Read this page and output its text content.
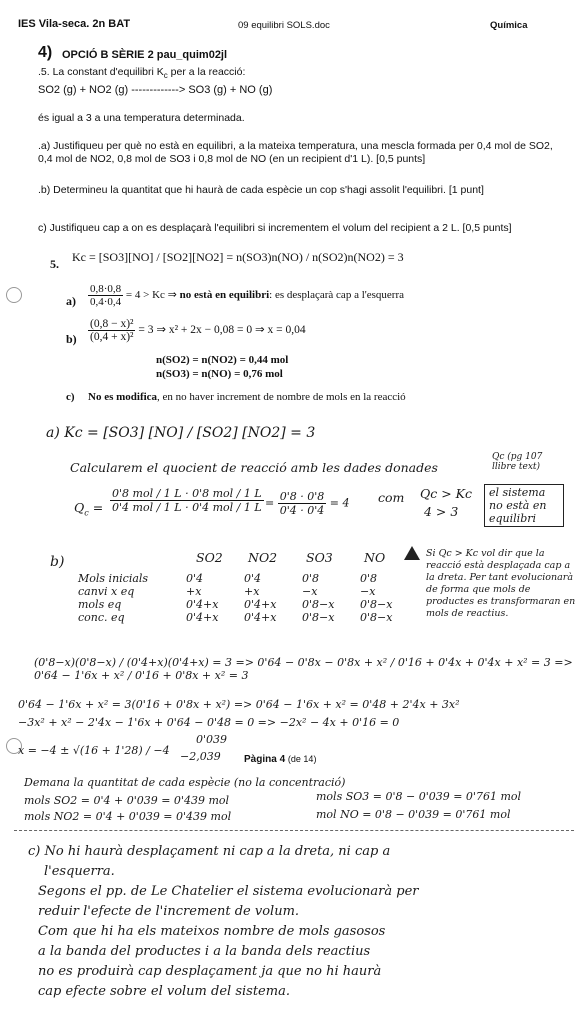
IES Vila-seca. 2n BAT	09 equilibri SOLS.doc	Química
4) OPCIÓ B SÈRIE 2 pau_quim02jl
.5. La constant d'equilibri $K_c$ per a la reacció:
SO2 (g) + NO2 (g) -------------> SO3 (g) + NO (g)
és igual a 3 a una temperatura determinada.
.a) Justifiqueu per què no està en equilibri, a la mateixa temperatura, una mescla formada per 0,4 mol de SO2, 0,4 mol de NO2, 0,8 mol de SO3 i 0,8 mol de NO (en un recipient d'1 L). [0,5 punts]
.b) Determineu la quantitat que hi haurà de cada espècie un cop s'hagi assolit l'equilibri. [1 punt]
c) Justifiqueu cap a on es desplaçarà l'equilibri si incrementem el volum del recipient a 2 L. [0,5 punts]
5. Kc = [SO3][NO] / [SO2][NO2] = n(SO3)n(NO) / n(SO2)n(NO2) = 3
$a) \frac{0,8\cdot 0,8}{0,4\cdot 0,4} = 4 > Kc$ ⇒ no està en equilibri: es desplaçarà cap a l'esquerra
$b) \frac{\text{(0,8 − x)²}}{\text{(0,4 + x)²}} = 3$ ⇒ x² + 2x − 0,08 = 0 ⇒ x = 0,04
n(SO2) = n(NO2) = 0,44 mol
n(SO3) = n(NO) = 0,76 mol
c) No es modifica, en no haver increment de nombre de mols en la reacció
a) Kc = [SO3] [NO] / [SO2] [NO2] = 3
Calcularem el quocient de reacció amb les dades donades
Qc (pg 107 llibre text)
$Q_c = \frac{\text{0'8 mol / 1 L · 0'8 mol / 1 L}}{\text{0'4 mol / 1 L · 0'4 mol / 1 L}} = \frac{0'8 \cdot 0'8}{0'4 \cdot 0'4} = 4$ com Qc > Kc
4 > 3
el sistema no està en equilibri
b)	SO2 NO2 SO3 NO
Mols inicials	0'4	0'4	0'8	0'8
canvi x eq	+x	+x	−x	−x
mols eq	0'4+x	0'4+x	0'8−x	0'8−x
conc. eq	0'4+x	0'4+x	0'8−x	0'8−x
Si Qc > Kc vol dir que la reacció està desplaçada cap a la dreta. Per tant evolucionarà de forma que mols de productes es transformaran en mols de reactius.
(0'8−x)(0'8−x) / (0'4+x)(0'4+x) = 3 => 0'64 − 0'8x − 0'8x + x² / 0'16 + 0'4x + 0'4x + x² = 3 => 0'64 − 1'6x + x² / 0'16 + 0'8x + x² = 3
0'64 − 1'6x + x² = 3(0'16 + 0'8x + x²) => 0'64 − 1'6x + x² = 0'48 + 2'4x + 3x²
−3x² + x² − 2'4x − 1'6x + 0'64 − 0'48 = 0 => −2x² − 4x + 0'16 = 0
x = −4 ± √(16 + 1'28) / −4
0'039
−2,039 Pàgina 4 (de 14)
Demana la quantitat de cada espècie (no la concentració)
mols SO2 = 0'4 + 0'039 = 0'439 mol
mols NO2 = 0'4 + 0'039 = 0'439 mol
mols SO3 = 0'8 − 0'039 = 0'761 mol
mol NO = 0'8 − 0'039 = 0'761 mol
c) No hi haurà desplaçament ni cap a la dreta, ni cap a
l'esquerra.
Segons el pp. de Le Chatelier el sistema evolucionarà per
reduir l'efecte de l'increment de volum.
Com que hi ha els mateixos nombre de mols gasosos
a la banda del productes i a la banda dels reactius
no es produirà cap desplaçament ja que no hi haurà
cap efecte sobre el volum del sistema.
